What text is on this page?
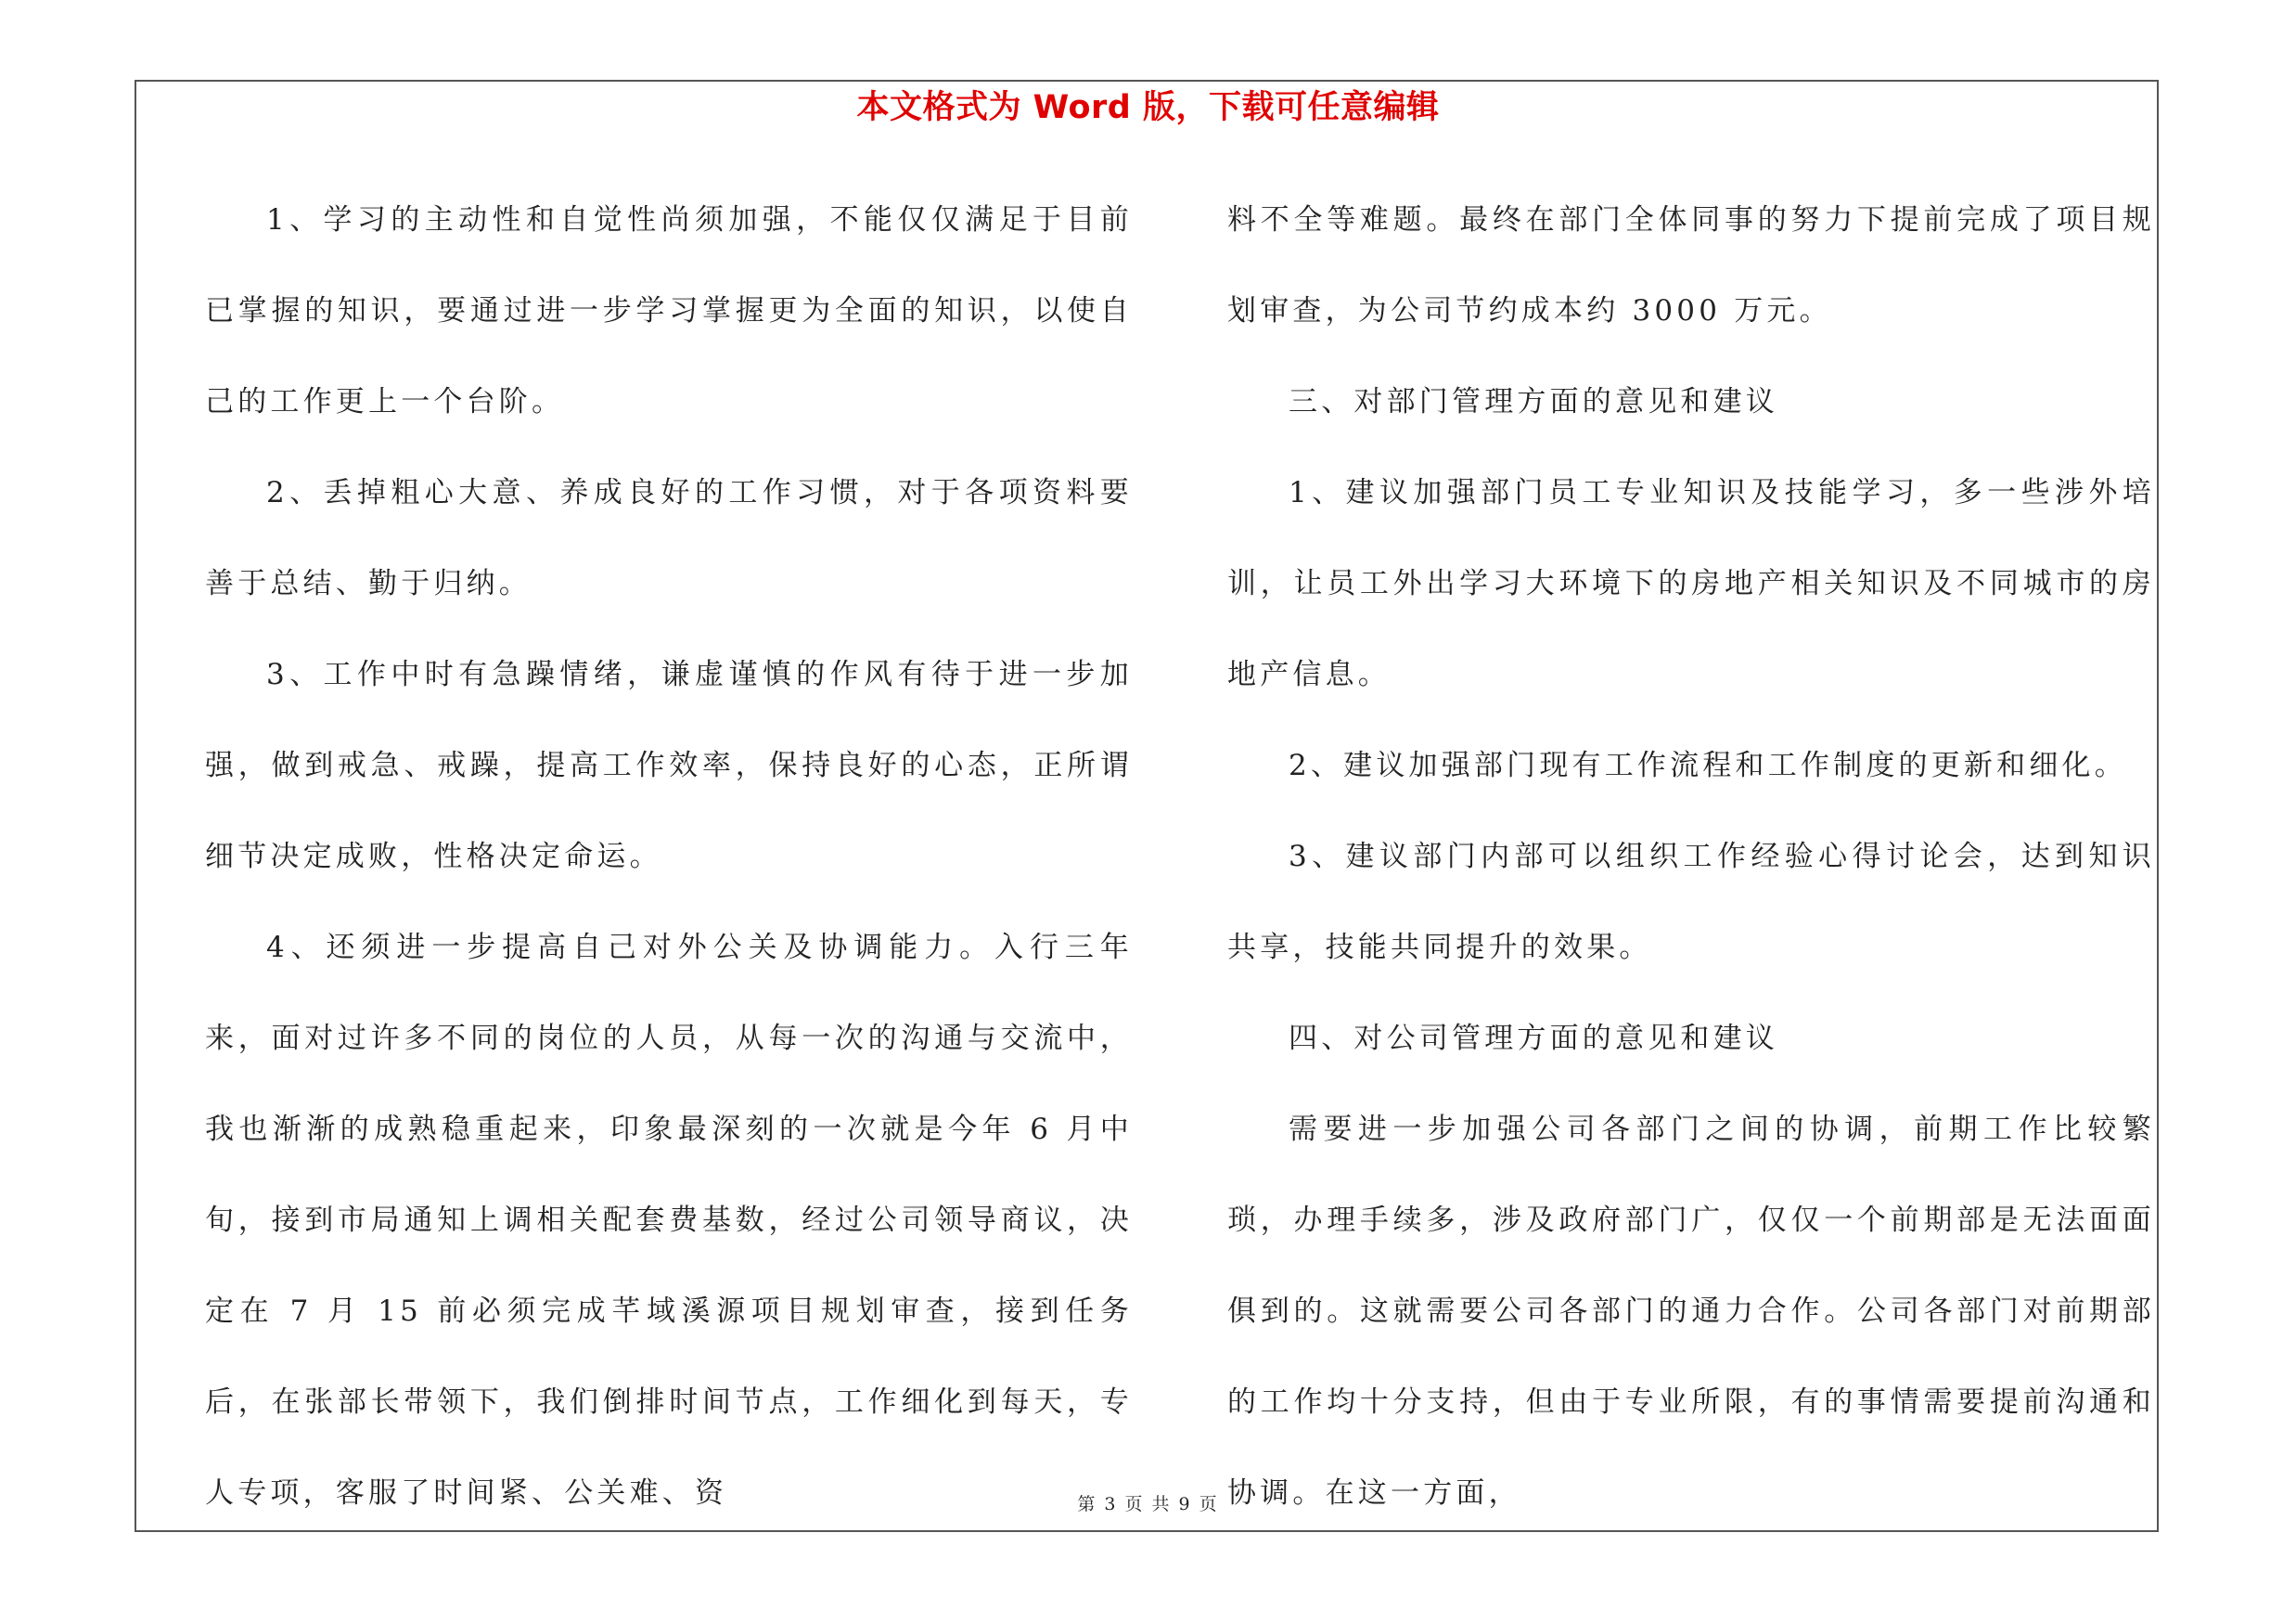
本文格式为 Word 版，下载可任意编辑

1、学习的主动性和自觉性尚须加强，不能仅仅满足于目前已掌握的知识，要通过进一步学习掌握更为全面的知识，以使自己的工作更上一个台阶。

2、丢掉粗心大意、养成良好的工作习惯，对于各项资料要善于总结、勤于归纳。

3、工作中时有急躁情绪，谦虚谨慎的作风有待于进一步加强，做到戒急、戒躁，提高工作效率，保持良好的心态，正所谓细节决定成败，性格决定命运。

4、还须进一步提高自己对外公关及协调能力。入行三年来，面对过许多不同的岗位的人员，从每一次的沟通与交流中，我也渐渐的成熟稳重起来，印象最深刻的一次就是今年 6 月中旬，接到市局通知上调相关配套费基数，经过公司领导商议，决定在 7 月 15 前必须完成芊域溪源项目规划审查，接到任务后，在张部长带领下，我们倒排时间节点，工作细化到每天，专人专项，客服了时间紧、公关难、资

料不全等难题。最终在部门全体同事的努力下提前完成了项目规划审查，为公司节约成本约 3000 万元。

三、对部门管理方面的意见和建议

1、建议加强部门员工专业知识及技能学习，多一些涉外培训，让员工外出学习大环境下的房地产相关知识及不同城市的房地产信息。

2、建议加强部门现有工作流程和工作制度的更新和细化。

3、建议部门内部可以组织工作经验心得讨论会，达到知识共享，技能共同提升的效果。

四、对公司管理方面的意见和建议

需要进一步加强公司各部门之间的协调，前期工作比较繁琐，办理手续多，涉及政府部门广，仅仅一个前期部是无法面面俱到的。这就需要公司各部门的通力合作。公司各部门对前期部的工作均十分支持，但由于专业所限，有的事情需要提前沟通和协调。在这一方面，

第 3 页 共 9 页
